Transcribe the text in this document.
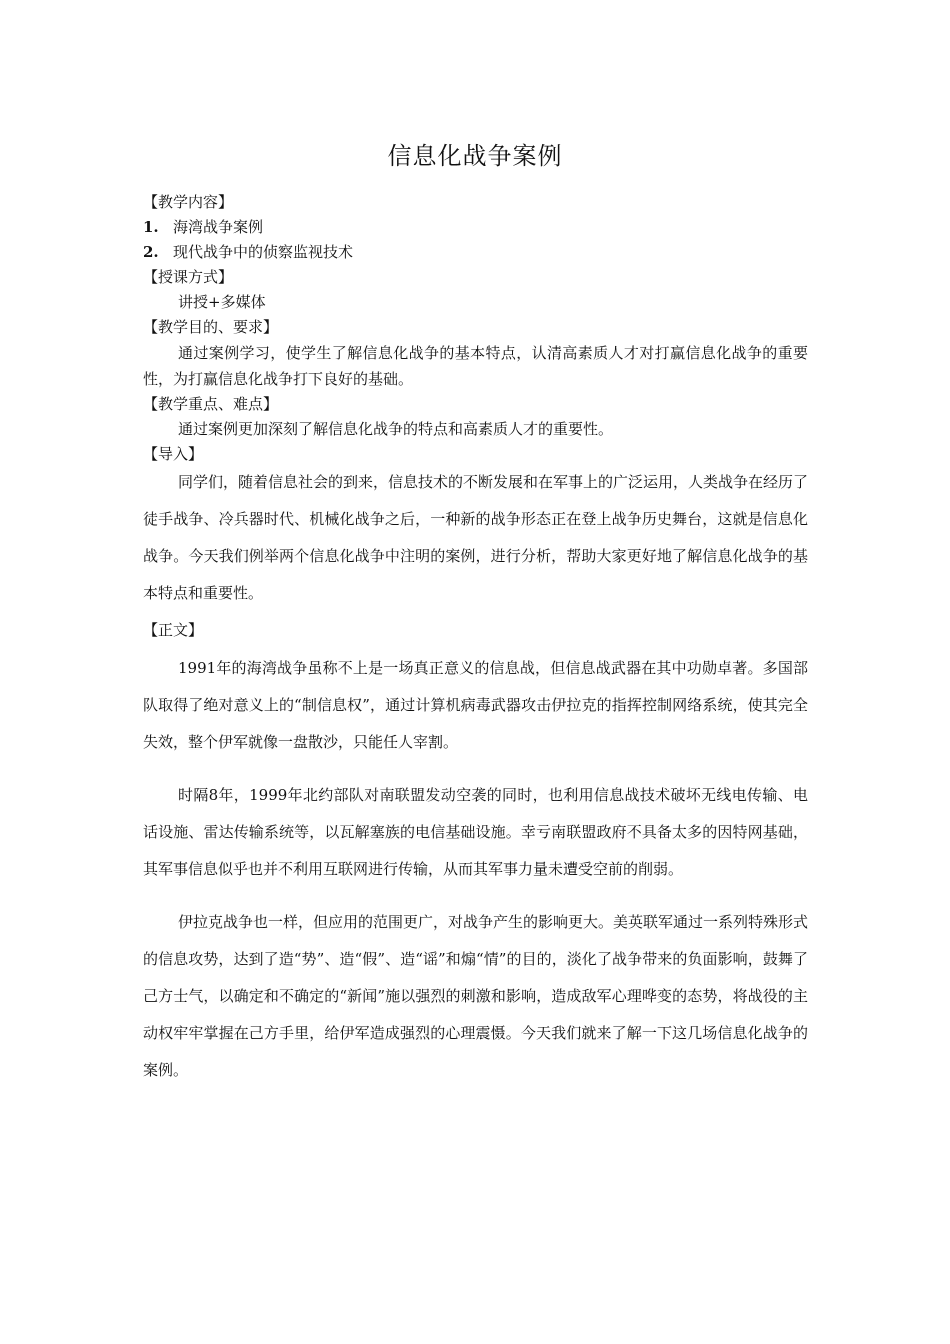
信息化战争案例
【教学内容】
1. 海湾战争案例
2. 现代战争中的侦察监视技术
【授课方式】
讲授+多媒体
【教学目的、要求】
通过案例学习，使学生了解信息化战争的基本特点，认清高素质人才对打赢信息化战争的重要性，为打赢信息化战争打下良好的基础。
【教学重点、难点】
通过案例更加深刻了解信息化战争的特点和高素质人才的重要性。
【导入】

同学们，随着信息社会的到来，信息技术的不断发展和在军事上的广泛运用，人类战争在经历了徒手战争、冷兵器时代、机械化战争之后，一种新的战争形态正在登上战争历史舞台，这就是信息化战争。今天我们例举两个信息化战争中注明的案例，进行分析，帮助大家更好地了解信息化战争的基本特点和重要性。

【正文】

1991年的海湾战争虽称不上是一场真正意义的信息战，但信息战武器在其中功勋卓著。多国部队取得了绝对意义上的“制信息权”，通过计算机病毒武器攻击伊拉克的指挥控制网络系统，使其完全失效，整个伊军就像一盘散沙，只能任人宰割。

时隔8年，1999年北约部队对南联盟发动空袭的同时，也利用信息战技术破坏无线电传输、电话设施、雷达传输系统等，以瓦解塞族的电信基础设施。幸亏南联盟政府不具备太多的因特网基础，其军事信息似乎也并不利用互联网进行传输，从而其军事力量未遭受空前的削弱。

伊拉克战争也一样，但应用的范围更广，对战争产生的影响更大。美英联军通过一系列特殊形式的信息攻势，达到了造“势”、造“假”、造“谣”和煽“情”的目的，淡化了战争带来的负面影响，鼓舞了己方士气，以确定和不确定的“新闻”施以强烈的刺激和影响，造成敌军心理哗变的态势，将战役的主动权牢牢掌握在己方手里，给伊军造成强烈的心理震慑。今天我们就来了解一下这几场信息化战争的案例。
